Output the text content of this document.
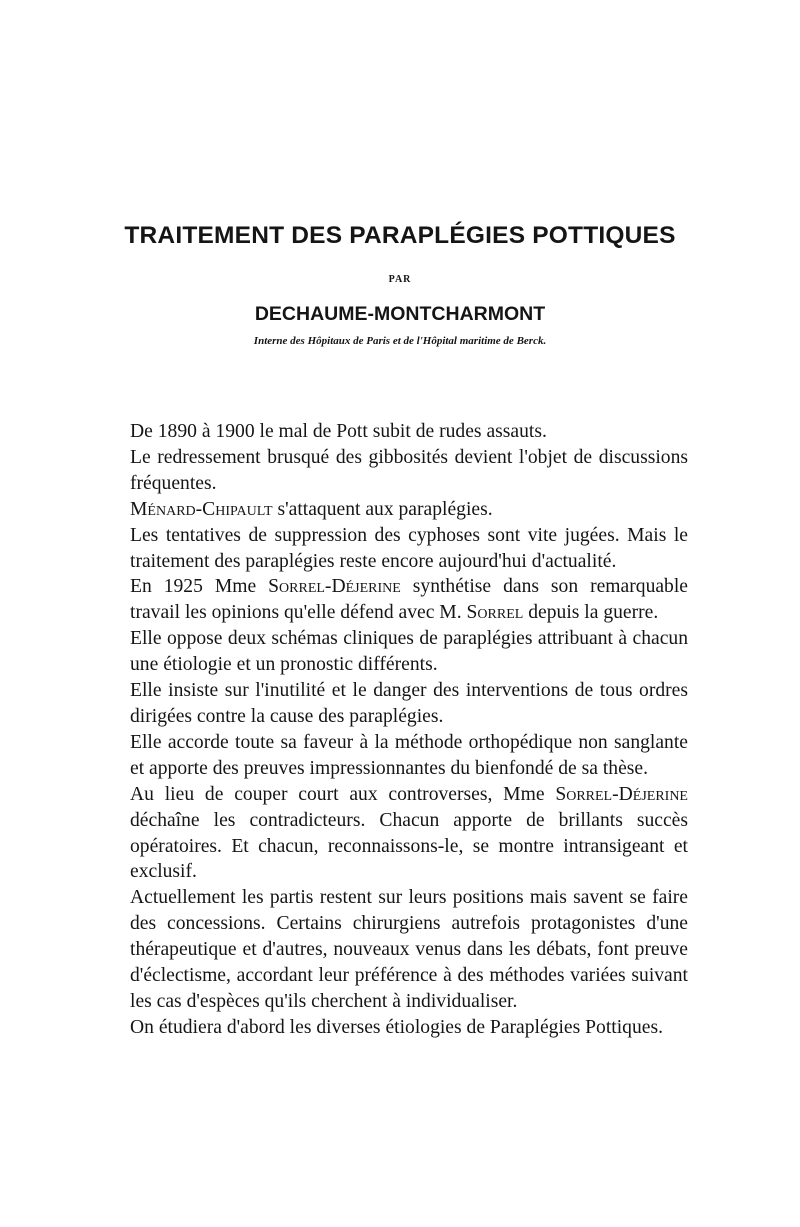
TRAITEMENT DES PARAPLÉGIES POTTIQUES
PAR
DECHAUME-MONTCHARMONT
Interne des Hôpitaux de Paris et de l'Hôpital maritime de Berck.

De 1890 à 1900 le mal de Pott subit de rudes assauts.

Le redressement brusqué des gibbosités devient l'objet de discussions fréquentes.

Ménard-Chipault s'attaquent aux paraplégies.

Les tentatives de suppression des cyphoses sont vite jugées. Mais le traitement des paraplégies reste encore aujourd'hui d'actualité.

En 1925 Mme Sorrel-Déjerine synthétise dans son remarquable travail les opinions qu'elle défend avec M. Sorrel depuis la guerre.

Elle oppose deux schémas cliniques de paraplégies attribuant à chacun une étiologie et un pronostic différents.

Elle insiste sur l'inutilité et le danger des interventions de tous ordres dirigées contre la cause des paraplégies.

Elle accorde toute sa faveur à la méthode orthopédique non sanglante et apporte des preuves impressionnantes du bienfondé de sa thèse.

Au lieu de couper court aux controverses, Mme Sorrel-Déjerine déchaîne les contradicteurs. Chacun apporte de brillants succès opératoires. Et chacun, reconnaissons-le, se montre intransigeant et exclusif.

Actuellement les partis restent sur leurs positions mais savent se faire des concessions. Certains chirurgiens autrefois protagonistes d'une thérapeutique et d'autres, nouveaux venus dans les débats, font preuve d'éclectisme, accordant leur préférence à des méthodes variées suivant les cas d'espèces qu'ils cherchent à individualiser.

On étudiera d'abord les diverses étiologies de Paraplégies Pottiques.
